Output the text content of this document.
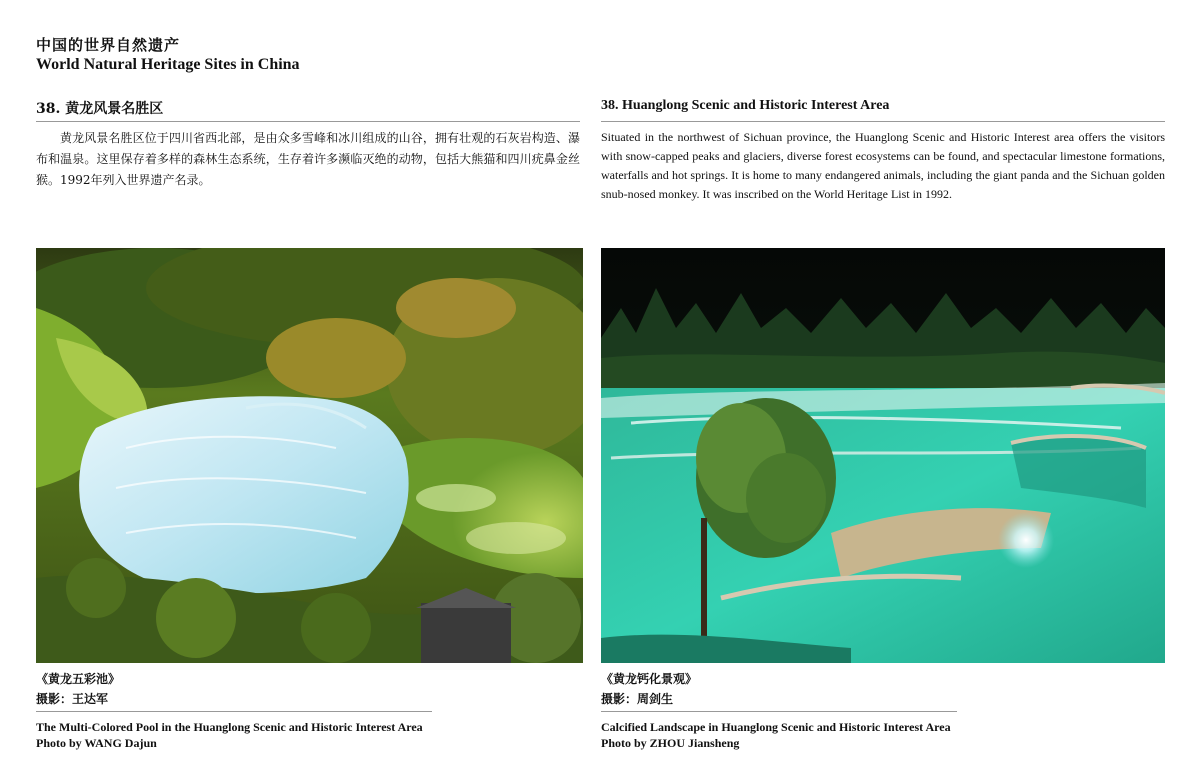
中国的世界自然遗产
World Natural Heritage Sites in China
38. 黄龙风景名胜区	38. Huanglong Scenic and Historic Interest Area
黄龙风景名胜区位于四川省西北部，是由众多雪峰和冰川组成的山谷，拥有壮观的石灰岩构造、瀑布和温泉。这里保存着多样的森林生态系统，生存着许多濒临灭绝的动物，包括大熊猫和四川疣鼻金丝猴。1992年列入世界遗产名录。
Situated in the northwest of Sichuan province, the Huanglong Scenic and Historic Interest area offers the visitors with snow-capped peaks and glaciers, diverse forest ecosystems can be found, and spectacular limestone formations, waterfalls and hot springs. It is home to many endangered animals, including the giant panda and the Sichuan golden snub-nosed monkey. It was inscribed on the World Heritage List in 1992.
《黄龙五彩池》
摄影：王达军
The Multi-Colored Pool in the Huanglong Scenic and Historic Interest Area
Photo by WANG Dajun
《黄龙钙化景观》
摄影：周剑生
Calcified Landscape in Huanglong Scenic and Historic Interest Area
Photo by ZHOU Jiansheng
